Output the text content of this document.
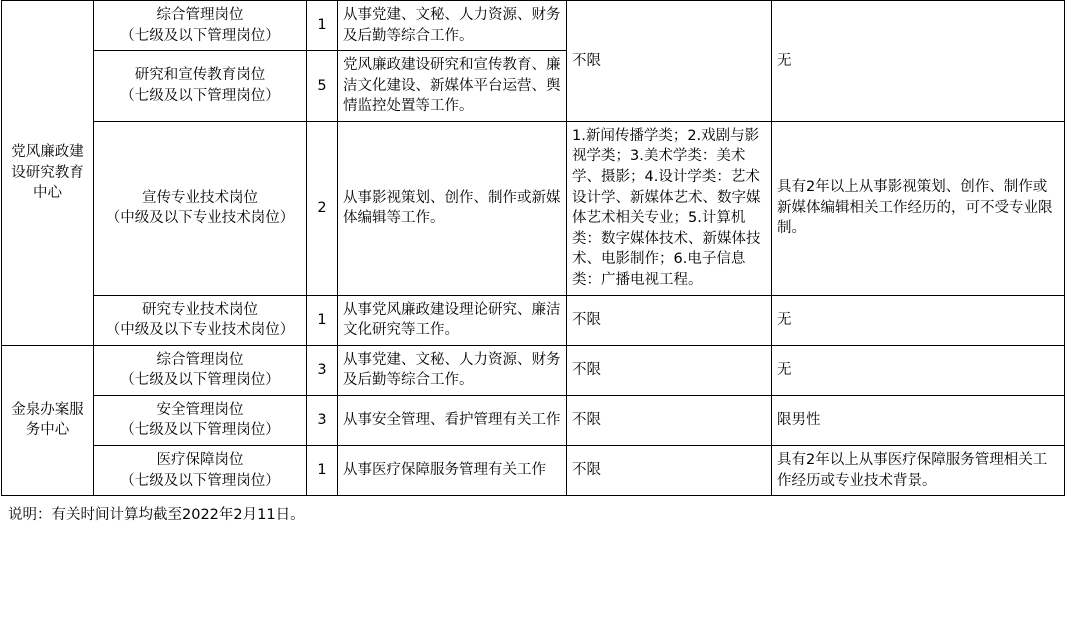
党风廉政建设研究教育中心	综合管理岗位
（七级及以下管理岗位）	1	从事党建、文秘、人力资源、财务及后勤等综合工作。	不限	无

	研究和宣传教育岗位
（七级及以下管理岗位）	5	党风廉政建设研究和宣传教育、廉洁文化建设、新媒体平台运营、舆情监控处置等工作。		

	宣传专业技术岗位
（中级及以下专业技术岗位）	2	从事影视策划、创作、制作或新媒体编辑等工作。	1.新闻传播学类；2.戏剧与影视学类；3.美术学类：美术学、摄影；4.设计学类：艺术设计学、新媒体艺术、数字媒体艺术相关专业；5.计算机类：数字媒体技术、新媒体技术、电影制作；6.电子信息类：广播电视工程。	具有2年以上从事影视策划、创作、制作或新媒体编辑相关工作经历的，可不受专业限制。

	研究专业技术岗位
（中级及以下专业技术岗位）	1	从事党风廉政建设理论研究、廉洁文化研究等工作。	不限	无
金泉办案服务中心	综合管理岗位
（七级及以下管理岗位）	3	从事党建、文秘、人力资源、财务及后勤等综合工作。	不限	无

	安全管理岗位
（七级及以下管理岗位）	3	从事安全管理、看护管理有关工作	不限	限男性

	医疗保障岗位
（七级及以下管理岗位）	1	从事医疗保障服务管理有关工作	不限	具有2年以上从事医疗保障服务管理相关工作经历或专业技术背景。
说明：有关时间计算均截至2022年2月11日。
